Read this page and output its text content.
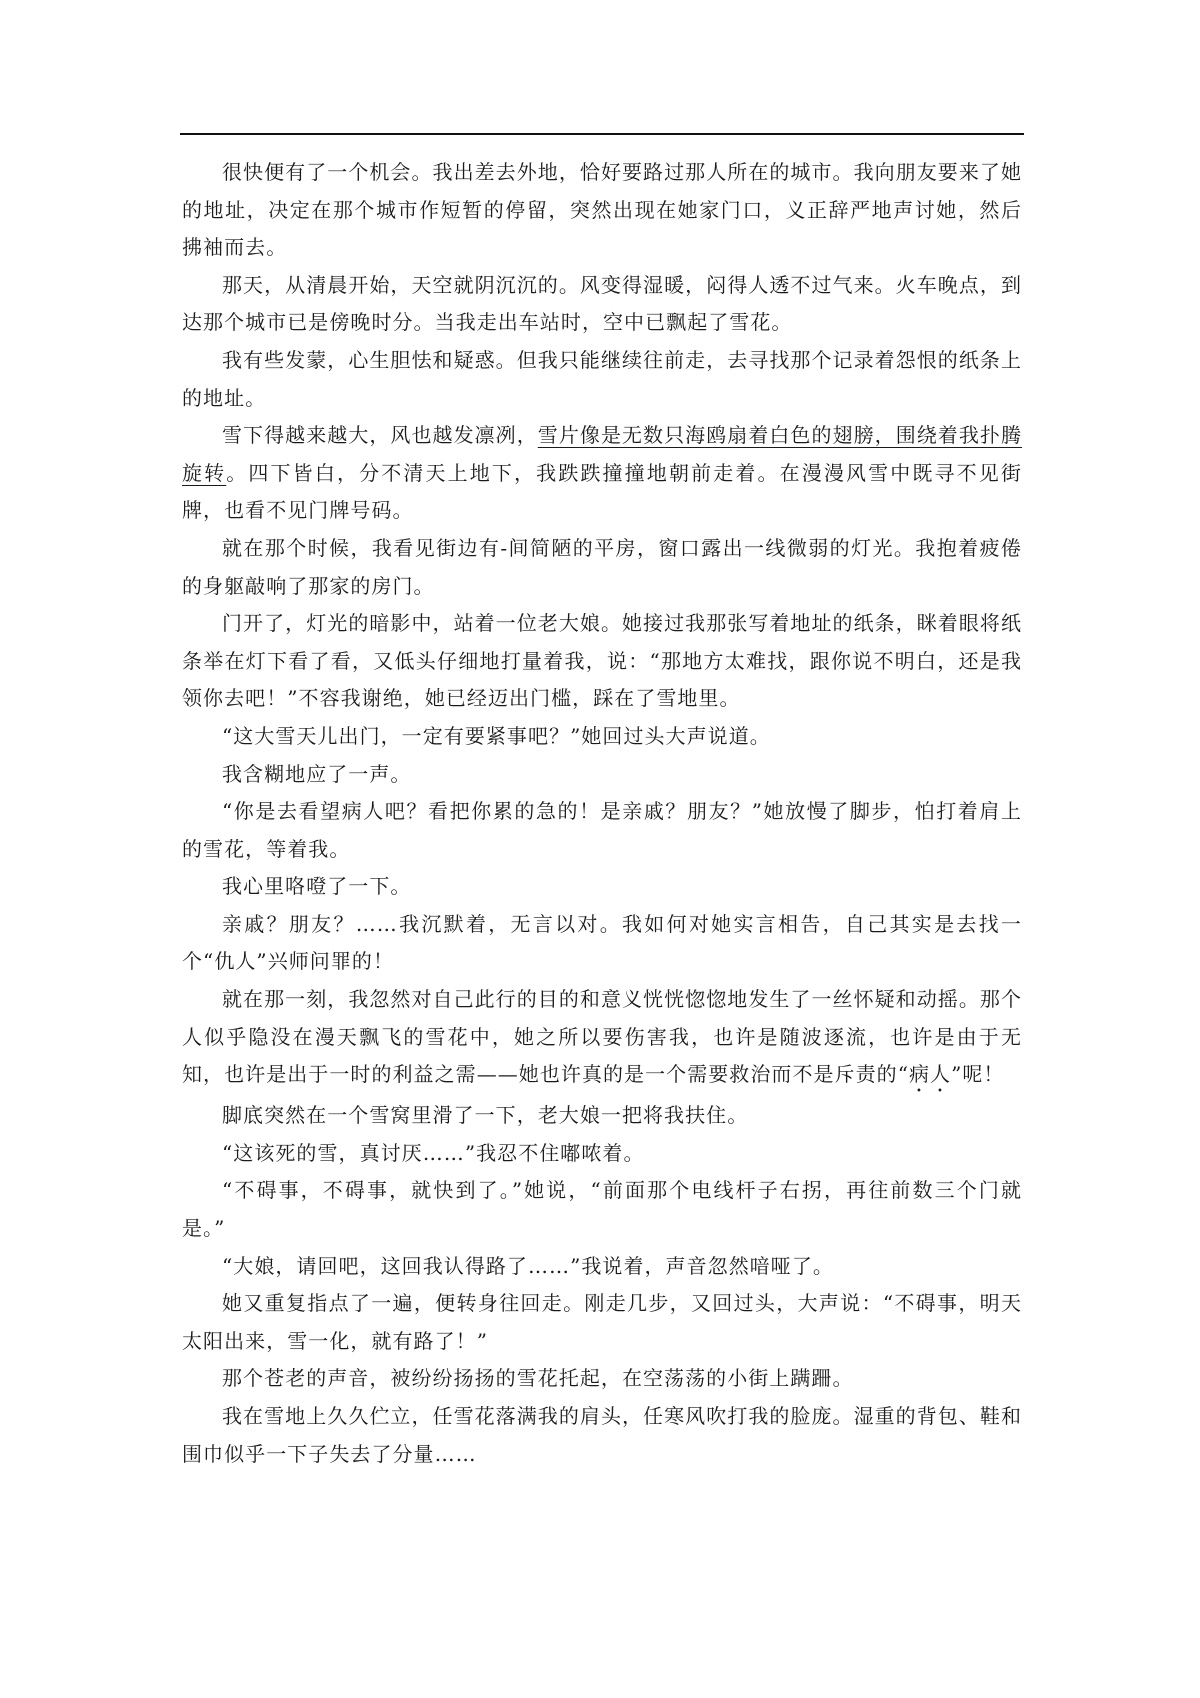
很快便有了一个机会。我出差去外地，恰好要路过那人所在的城市。我向朋友要来了她的地址，决定在那个城市作短暂的停留，突然出现在她家门口，义正辞严地声讨她，然后拂袖而去。

那天，从清晨开始，天空就阴沉沉的。风变得湿暖，闷得人透不过气来。火车晚点，到达那个城市已是傍晚时分。当我走出车站时，空中已飘起了雪花。

我有些发蒙，心生胆怯和疑惑。但我只能继续往前走，去寻找那个记录着怨恨的纸条上的地址。

雪下得越来越大，风也越发凛冽，雪片像是无数只海鸥扇着白色的翅膀，围绕着我扑腾旋转。四下皆白，分不清天上地下，我跌跌撞撞地朝前走着。在漫漫风雪中既寻不见街牌，也看不见门牌号码。

就在那个时候，我看见街边有-间简陋的平房，窗口露出一线微弱的灯光。我抱着疲倦的身躯敲响了那家的房门。

门开了，灯光的暗影中，站着一位老大娘。她接过我那张写着地址的纸条，眯着眼将纸条举在灯下看了看，又低头仔细地打量着我，说：“那地方太难找，跟你说不明白，还是我领你去吧！”不容我谢绝，她已经迈出门槛，踩在了雪地里。

“这大雪天儿出门，一定有要紧事吧？”她回过头大声说道。

我含糊地应了一声。

“你是去看望病人吧？看把你累的急的！是亲戚？朋友？”她放慢了脚步，怕打着肩上的雪花，等着我。

我心里咯噔了一下。

亲戚？朋友？……我沉默着，无言以对。我如何对她实言相告，自己其实是去找一个“仇人”兴师问罪的！

就在那一刻，我忽然对自己此行的目的和意义恍恍惚惚地发生了一丝怀疑和动摇。那个人似乎隐没在漫天飘飞的雪花中，她之所以要伤害我，也许是随波逐流，也许是由于无知，也许是出于一时的利益之需——她也许真的是一个需要救治而不是斥责的“病人”呢！

脚底突然在一个雪窝里滑了一下，老大娘一把将我扶住。

“这该死的雪，真讨厌……”我忍不住嘟哝着。

“不碍事，不碍事，就快到了。”她说，“前面那个电线杆子右拐，再往前数三个门就是。”

“大娘，请回吧，这回我认得路了……”我说着，声音忽然喑哑了。

她又重复指点了一遍，便转身往回走。刚走几步，又回过头，大声说：“不碍事，明天太阳出来，雪一化，就有路了！”

那个苍老的声音，被纷纷扬扬的雪花托起，在空荡荡的小街上蹒跚。

我在雪地上久久伫立，任雪花落满我的肩头，任寒风吹打我的脸庞。湿重的背包、鞋和围巾似乎一下子失去了分量……
